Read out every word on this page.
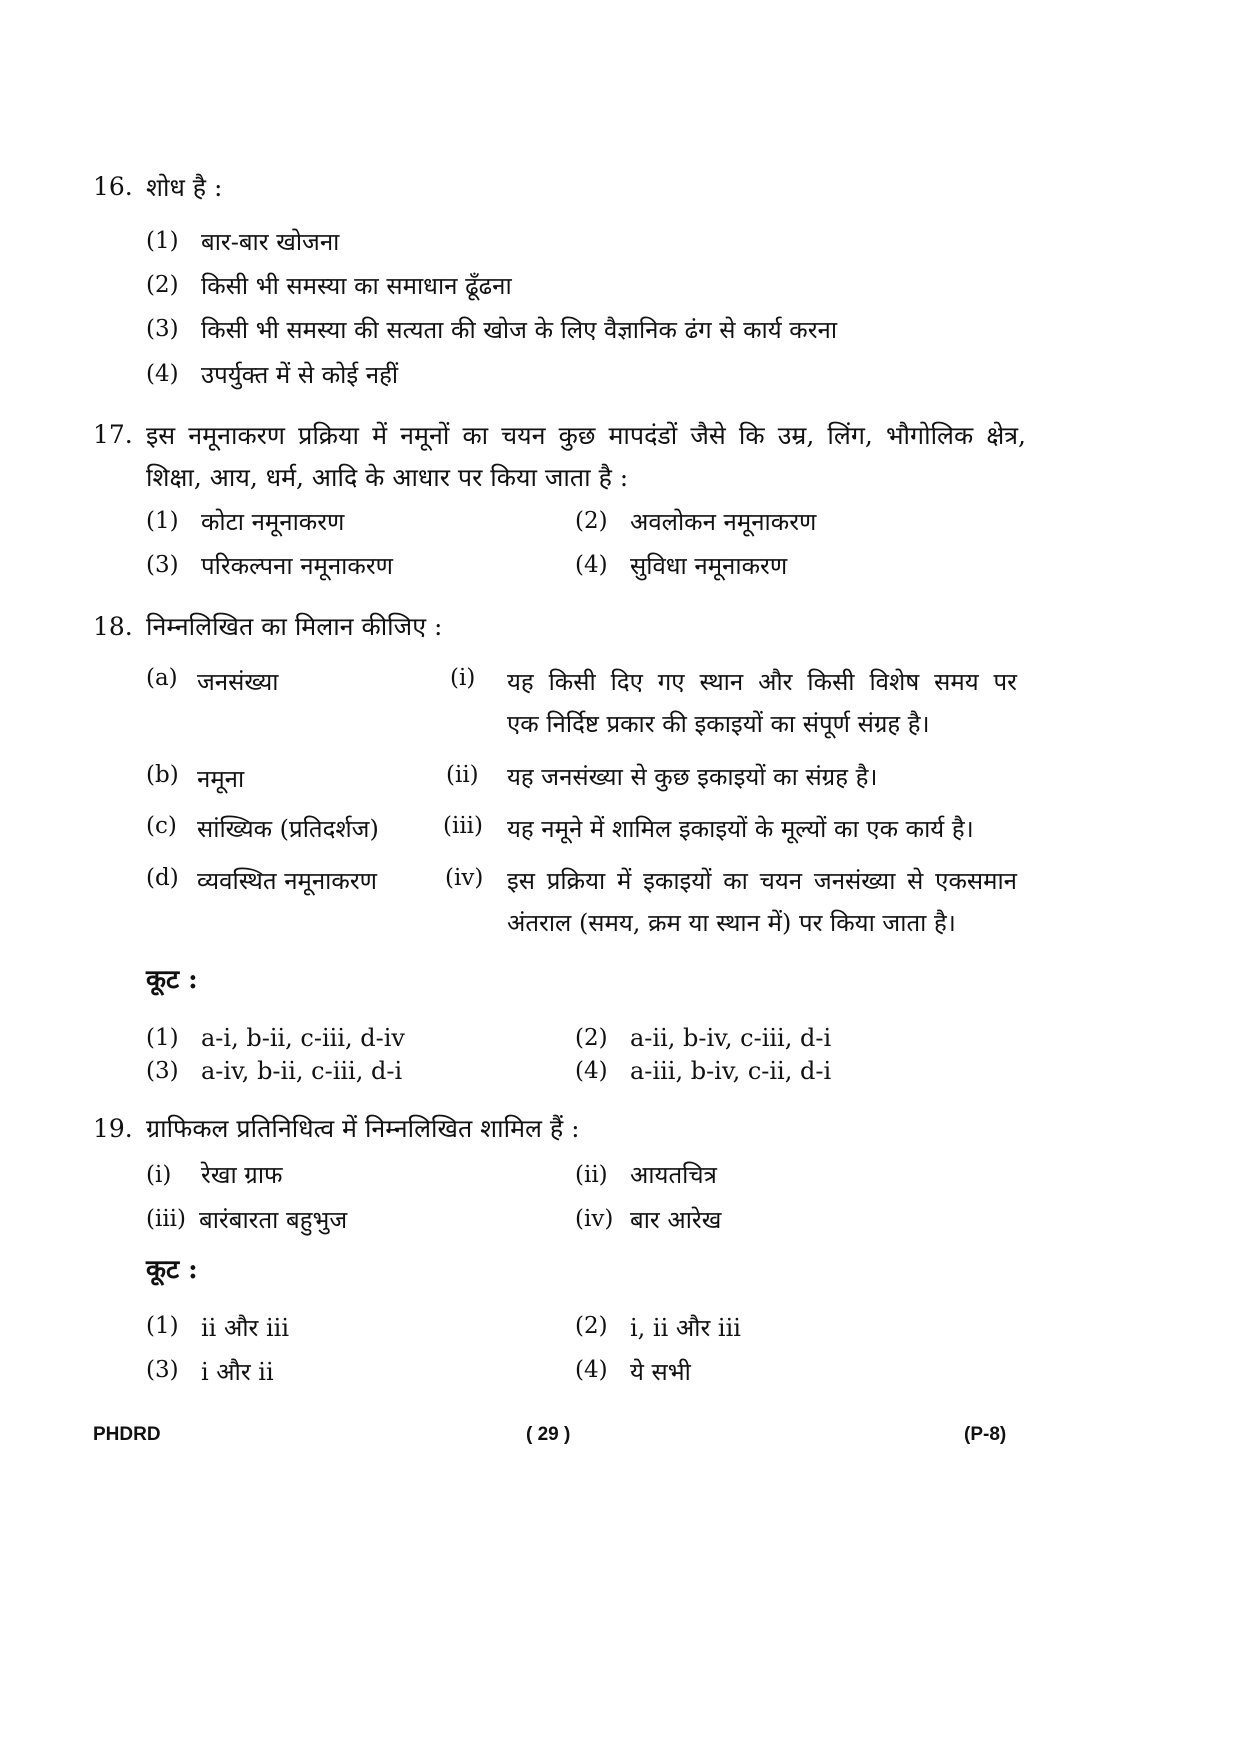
16. शोध है :
(1) बार-बार खोजना
(2) किसी भी समस्या का समाधान ढूँढना
(3) किसी भी समस्या की सत्यता की खोज के लिए वैज्ञानिक ढंग से कार्य करना
(4) उपर्युक्त में से कोई नहीं
17. इस नमूनाकरण प्रक्रिया में नमूनों का चयन कुछ मापदंडों जैसे कि उम्र, लिंग, भौगोलिक क्षेत्र,
शिक्षा, आय, धर्म, आदि के आधार पर किया जाता है :
(1) कोटा नमूनाकरण	(2) अवलोकन नमूनाकरण
(3) परिकल्पना नमूनाकरण	(4) सुविधा नमूनाकरण
18. निम्नलिखित का मिलान कीजिए :
(a) जनसंख्या	(i) यह किसी दिए गए स्थान और किसी विशेष समय पर
एक निर्दिष्ट प्रकार की इकाइयों का संपूर्ण संग्रह है।
(b) नमूना	(ii) यह जनसंख्या से कुछ इकाइयों का संग्रह है।
(c) सांख्यिक (प्रतिदर्शज)	(iii) यह नमूने में शामिल इकाइयों के मूल्यों का एक कार्य है।
(d) व्यवस्थित नमूनाकरण	(iv) इस प्रक्रिया में इकाइयों का चयन जनसंख्या से एकसमान
अंतराल (समय, क्रम या स्थान में) पर किया जाता है।
कूट :
(1) a-i, b-ii, c-iii, d-iv	(2) a-ii, b-iv, c-iii, d-i
(3) a-iv, b-ii, c-iii, d-i	(4) a-iii, b-iv, c-ii, d-i
19. ग्राफिकल प्रतिनिधित्व में निम्नलिखित शामिल हैं :
(i) रेखा ग्राफ	(ii) आयतचित्र
(iii) बारंबारता बहुभुज	(iv) बार आरेख
कूट :
(1) ii और iii	(2) i, ii और iii
(3) i और ii	(4) ये सभी
PHDRD	( 29 )	(P-8)
